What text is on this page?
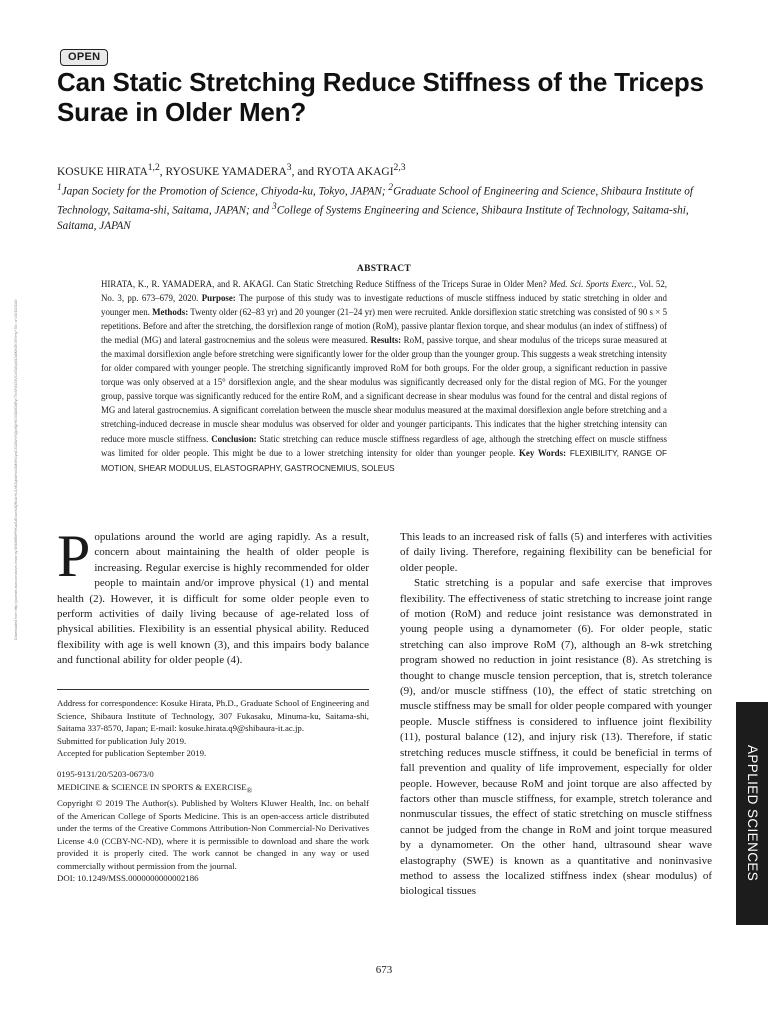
OPEN
Can Static Stretching Reduce Stiffness of the Triceps Surae in Older Men?
KOSUKE HIRATA$^{1,2}$, RYOSUKE YAMADERA$^3$, and RYOTA AKAGI$^{2,3}$
$^1$Japan Society for the Promotion of Science, Chiyoda-ku, Tokyo, JAPAN; $^2$Graduate School of Engineering and Science, Shibaura Institute of Technology, Saitama-shi, Saitama, JAPAN; and $^3$College of Systems Engineering and Science, Shibaura Institute of Technology, Saitama-shi, Saitama, JAPAN
Downloaded from http://journals.lww.com/acsm-msse by BhDMf5ePHKav1zEoum1tQfN4a+kJLhEZgbsIHo4XMi0hCywCX1AWnYQp/IlQrHD3i3D0OdRyi7TvSFl4Cf3VC4/OAVpDDa8KKGKV0Ymy+78= on 03/15/2020
ABSTRACT
HIRATA, K., R. YAMADERA, and R. AKAGI. Can Static Stretching Reduce Stiffness of the Triceps Surae in Older Men? Med. Sci. Sports Exerc., Vol. 52, No. 3, pp. 673–679, 2020. Purpose: The purpose of this study was to investigate reductions of muscle stiffness induced by static stretching in older and younger men. Methods: Twenty older (62–83 yr) and 20 younger (21–24 yr) men were recruited. Ankle dorsiflexion static stretching was consisted of 90 s × 5 repetitions. Before and after the stretching, the dorsiflexion range of motion (RoM), passive plantar flexion torque, and shear modulus (an index of stiffness) of the medial (MG) and lateral gastrocnemius and the soleus were measured. Results: RoM, passive torque, and shear modulus of the triceps surae measured at the maximal dorsiflexion angle before stretching were significantly lower for the older group than the younger group. This suggests a weak stretching intensity for older compared with younger people. The stretching significantly improved RoM for both groups. For the older group, a significant reduction in passive torque was only observed at a 15° dorsiflexion angle, and the shear modulus was significantly decreased only for the distal region of MG. For the younger group, passive torque was significantly reduced for the entire RoM, and a significant decrease in shear modulus was found for the central and distal regions of MG and lateral gastrocnemius. A significant correlation between the muscle shear modulus measured at the maximal dorsiflexion angle before stretching and a stretching-induced decrease in muscle shear modulus was observed for older and younger participants. This indicates that the higher stretching intensity can reduce more muscle stiffness. Conclusion: Static stretching can reduce muscle stiffness regardless of age, although the stretching effect on muscle stiffness was limited for older people. This might be due to a lower stretching intensity for older than younger people. Key Words: FLEXIBILITY, RANGE OF MOTION, SHEAR MODULUS, ELASTOGRAPHY, GASTROCNEMIUS, SOLEUS

Populations around the world are aging rapidly. As a result, concern about maintaining the health of older people is increasing. Regular exercise is highly recommended for older people to maintain and/or improve physical (1) and mental health (2). However, it is difficult for some older people even to perform activities of daily living because of age-related loss of physical abilities. Flexibility is an essential physical ability. Reduced flexibility with age is well known (3), and this impairs body balance and functional ability for older people (4).

Address for correspondence: Kosuke Hirata, Ph.D., Graduate School of Engineering and Science, Shibaura Institute of Technology, 307 Fukasaku, Minuma-ku, Saitama-shi, Saitama 337-8570, Japan; E-mail: kosuke.hirata.q9@shibaura-it.ac.jp.

Submitted for publication July 2019.

Accepted for publication September 2019.

0195-9131/20/5203-0673/0

MEDICINE & SCIENCE IN SPORTS & $EXERCISE_®$

Copyright © 2019 The Author(s). Published by Wolters Kluwer Health, Inc. on behalf of the American College of Sports Medicine. This is an open-access article distributed under the terms of the Creative Commons Attribution-Non Commercial-No Derivatives License 4.0 (CCBY-NC-ND), where it is permissible to download and share the work provided it is properly cited. The work cannot be changed in any way or used commercially without permission from the journal.

DOI: 10.1249/MSS.0000000000002186

This leads to an increased risk of falls (5) and interferes with activities of daily living. Therefore, regaining flexibility can be beneficial for older people.

Static stretching is a popular and safe exercise that improves flexibility. The effectiveness of static stretching to increase joint range of motion (RoM) and reduce joint resistance was demonstrated in young people using a dynamometer (6). For older people, static stretching can also improve RoM (7), although an 8-wk stretching program showed no reduction in joint resistance (8). As stretching is thought to change muscle tension perception, that is, stretch tolerance (9), and/or muscle stiffness (10), the effect of static stretching on muscle stiffness may be small for older people compared with younger people. Muscle stiffness is considered to influence joint flexibility (11), postural balance (12), and injury risk (13). Therefore, if static stretching reduces muscle stiffness, it could be beneficial in terms of fall prevention and quality of life improvement, especially for older people. However, because RoM and joint torque are also affected by factors other than muscle stiffness, for example, stretch tolerance and nonmuscular tissues, the effect of static stretching on muscle stiffness cannot be judged from the change in RoM and joint torque measured by a dynamometer. On the other hand, ultrasound shear wave elastography (SWE) is known as a quantitative and noninvasive method to assess the localized stiffness index (shear modulus) of biological tissues

APPLIED SCIENCES
673
